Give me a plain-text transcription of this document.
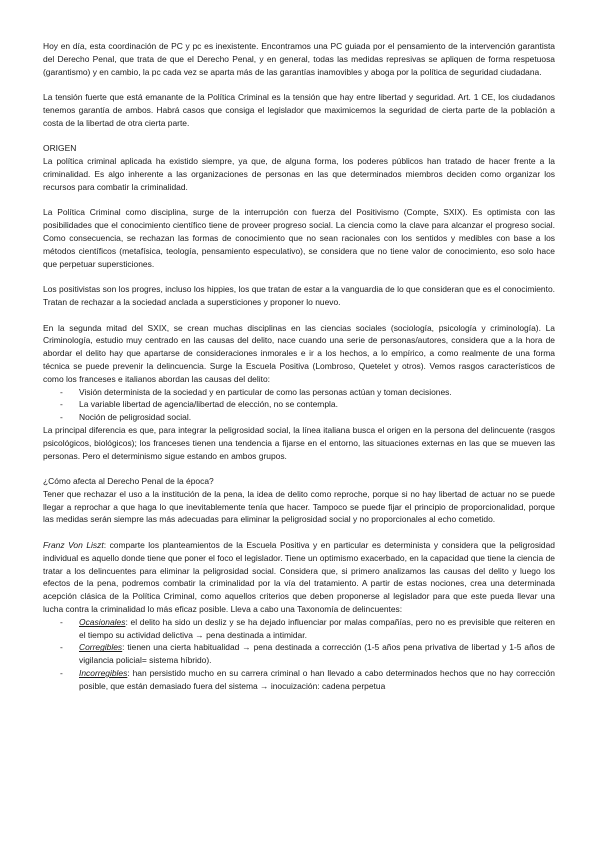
Hoy en día, esta coordinación de PC y pc es inexistente. Encontramos una PC guiada por el pensamiento de la intervención garantista del Derecho Penal, que trata de que el Derecho Penal, y en general, todas las medidas represivas se apliquen de forma respetuosa (garantismo) y en cambio, la pc cada vez se aparta más de las garantías inamovibles y aboga por la política de seguridad ciudadana.

La tensión fuerte que está emanante de la Política Criminal es la tensión que hay entre libertad y seguridad. Art. 1 CE, los ciudadanos tenemos garantía de ambos. Habrá casos que consiga el legislador que maximicemos la seguridad de cierta parte de la población a costa de la libertad de otra cierta parte.

ORIGEN

La política criminal aplicada ha existido siempre, ya que, de alguna forma, los poderes públicos han tratado de hacer frente a la criminalidad. Es algo inherente a las organizaciones de personas en las que determinados miembros deciden como organizar los recursos para combatir la criminalidad.

La Política Criminal como disciplina, surge de la interrupción con fuerza del Positivismo (Compte, SXIX). Es optimista con las posibilidades que el conocimiento científico tiene de proveer progreso social. La ciencia como la clave para alcanzar el progreso social. Como consecuencia, se rechazan las formas de conocimiento que no sean racionales con los sentidos y medibles con base a los métodos científicos (metafísica, teología, pensamiento especulativo), se considera que no tiene valor de conocimiento, eso solo hace que perpetuar supersticiones.

Los positivistas son los progres, incluso los hippies, los que tratan de estar a la vanguardia de lo que consideran que es el conocimiento. Tratan de rechazar a la sociedad anclada a supersticiones y proponer lo nuevo.

En la segunda mitad del SXIX, se crean muchas disciplinas en las ciencias sociales (sociología, psicología y criminología). La Criminología, estudio muy centrado en las causas del delito, nace cuando una serie de personas/autores, considera que a la hora de abordar el delito hay que apartarse de consideraciones inmorales e ir a los hechos, a lo empírico, a como realmente de una forma técnica se puede prevenir la delincuencia. Surge la Escuela Positiva (Lombroso, Quetelet y otros). Vemos rasgos característicos de como los franceses e italianos abordan las causas del delito:

- Visión determinista de la sociedad y en particular de como las personas actúan y toman decisiones.
- La variable libertad de agencia/libertad de elección, no se contempla.
- Noción de peligrosidad social.

La principal diferencia es que, para integrar la peligrosidad social, la línea italiana busca el origen en la persona del delincuente (rasgos psicológicos, biológicos); los franceses tienen una tendencia a fijarse en el entorno, las situaciones externas en las que se mueven las personas. Pero el determinismo sigue estando en ambos grupos.

¿Cómo afecta al Derecho Penal de la época?

Tener que rechazar el uso a la institución de la pena, la idea de delito como reproche, porque si no hay libertad de actuar no se puede llegar a reprochar a que haga lo que inevitablemente tenía que hacer. Tampoco se puede fijar el principio de proporcionalidad, porque las medidas serán siempre las más adecuadas para eliminar la peligrosidad social y no proporcionales al echo cometido.

Franz Von Liszt: comparte los planteamientos de la Escuela Positiva y en particular es determinista y considera que la peligrosidad individual es aquello donde tiene que poner el foco el legislador. Tiene un optimismo exacerbado, en la capacidad que tiene la ciencia de tratar a los delincuentes para eliminar la peligrosidad social. Considera que, si primero analizamos las causas del delito y luego los efectos de la pena, podremos combatir la criminalidad por la vía del tratamiento. A partir de estas nociones, crea una determinada acepción clásica de la Política Criminal, como aquellos criterios que deben proponerse al legislador para que este pueda llevar una lucha contra la criminalidad lo más eficaz posible. Lleva a cabo una Taxonomía de delincuentes:

- Ocasionales: el delito ha sido un desliz y se ha dejado influenciar por malas compañías, pero no es previsible que reiteren en el tiempo su actividad delictiva → pena destinada a intimidar.
- Corregibles: tienen una cierta habitualidad → pena destinada a corrección (1-5 años pena privativa de libertad y 1-5 años de vigilancia policial= sistema híbrido).
- Incorregibles: han persistido mucho en su carrera criminal o han llevado a cabo determinados hechos que no hay corrección posible, que están demasiado fuera del sistema → inocuización: cadena perpetua
